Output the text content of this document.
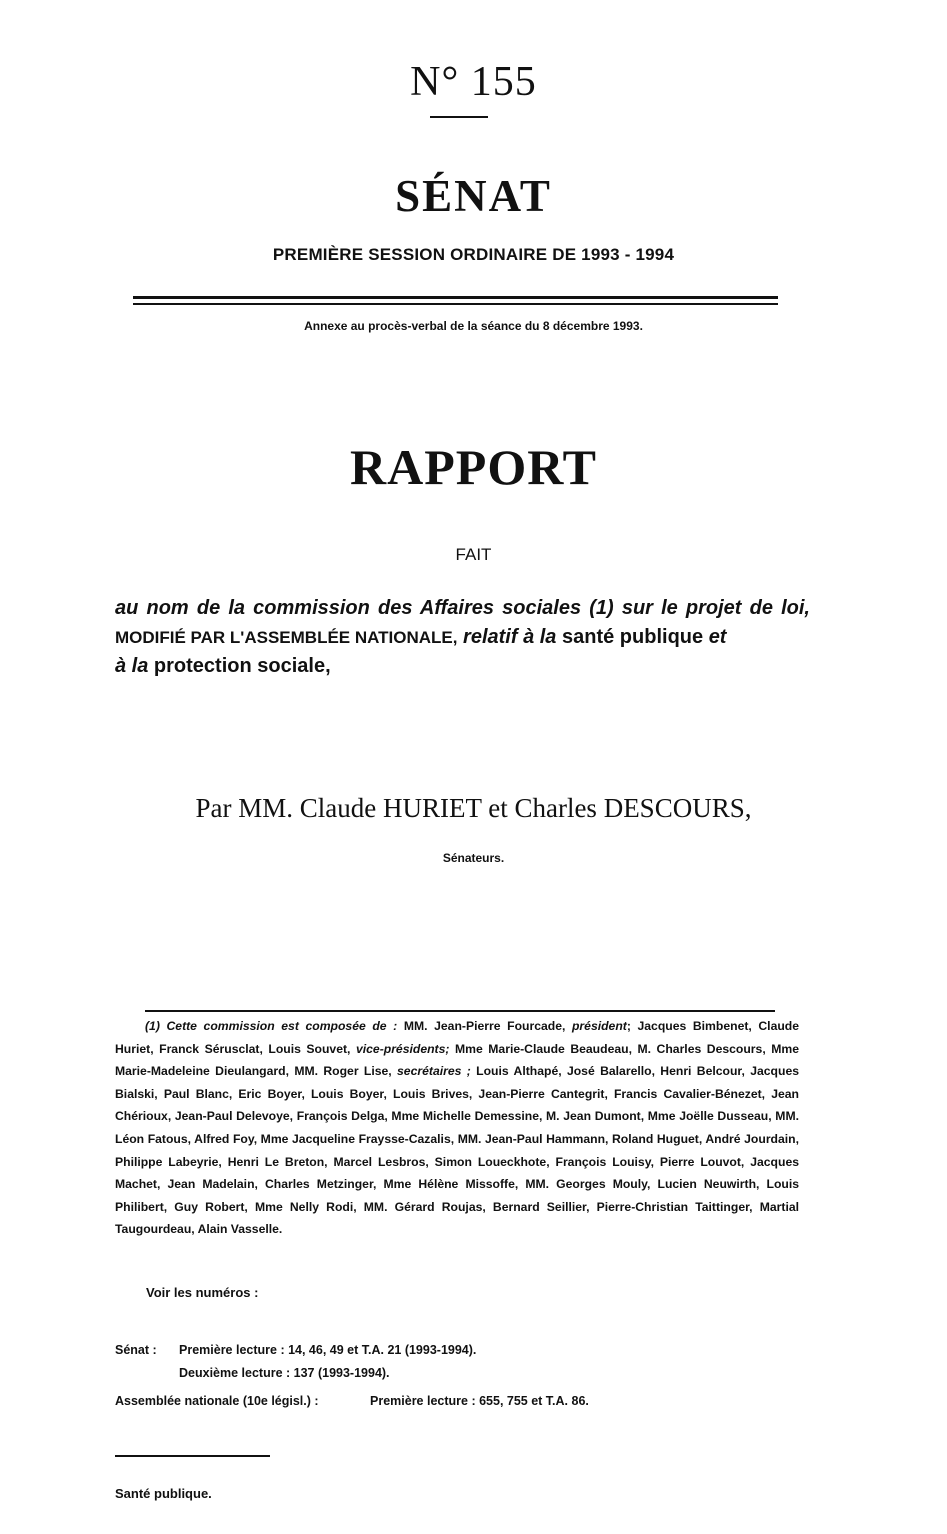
N° 155
SÉNAT
PREMIÈRE SESSION ORDINAIRE DE 1993 - 1994
Annexe au procès-verbal de la séance du 8 décembre 1993.
RAPPORT
FAIT
au nom de la commission des Affaires sociales (1) sur le projet de loi, MODIFIÉ PAR L'ASSEMBLÉE NATIONALE, relatif à la santé publique et
à la protection sociale,
Par MM. Claude HURIET et Charles DESCOURS,
Sénateurs.
(1) Cette commission est composée de : MM. Jean-Pierre Fourcade, président; Jacques Bimbenet, Claude Huriet, Franck Sérusclat, Louis Souvet, vice-présidents; Mme Marie-Claude Beaudeau, M. Charles Descours, Mme Marie-Madeleine Dieulangard, MM. Roger Lise, secrétaires ; Louis Althapé, José Balarello, Henri Belcour, Jacques Bialski, Paul Blanc, Eric Boyer, Louis Boyer, Louis Brives, Jean-Pierre Cantegrit, Francis Cavalier-Bénezet, Jean Chérioux, Jean-Paul Delevoye, François Delga, Mme Michelle Demessine, M. Jean Dumont, Mme Joëlle Dusseau, MM. Léon Fatous, Alfred Foy, Mme Jacqueline Fraysse-Cazalis, MM. Jean-Paul Hammann, Roland Huguet, André Jourdain, Philippe Labeyrie, Henri Le Breton, Marcel Lesbros, Simon Loueckhote, François Louisy, Pierre Louvot, Jacques Machet, Jean Madelain, Charles Metzinger, Mme Hélène Missoffe, MM. Georges Mouly, Lucien Neuwirth, Louis Philibert, Guy Robert, Mme Nelly Rodi, MM. Gérard Roujas, Bernard Seillier, Pierre-Christian Taittinger, Martial Taugourdeau, Alain Vasselle.
Voir les numéros :
Sénat : Première lecture : 14, 46, 49 et T.A. 21 (1993-1994).
Deuxième lecture : 137 (1993-1994).
Assemblée nationale (10e législ.) :	Première lecture : 655, 755 et T.A. 86.
Santé publique.
